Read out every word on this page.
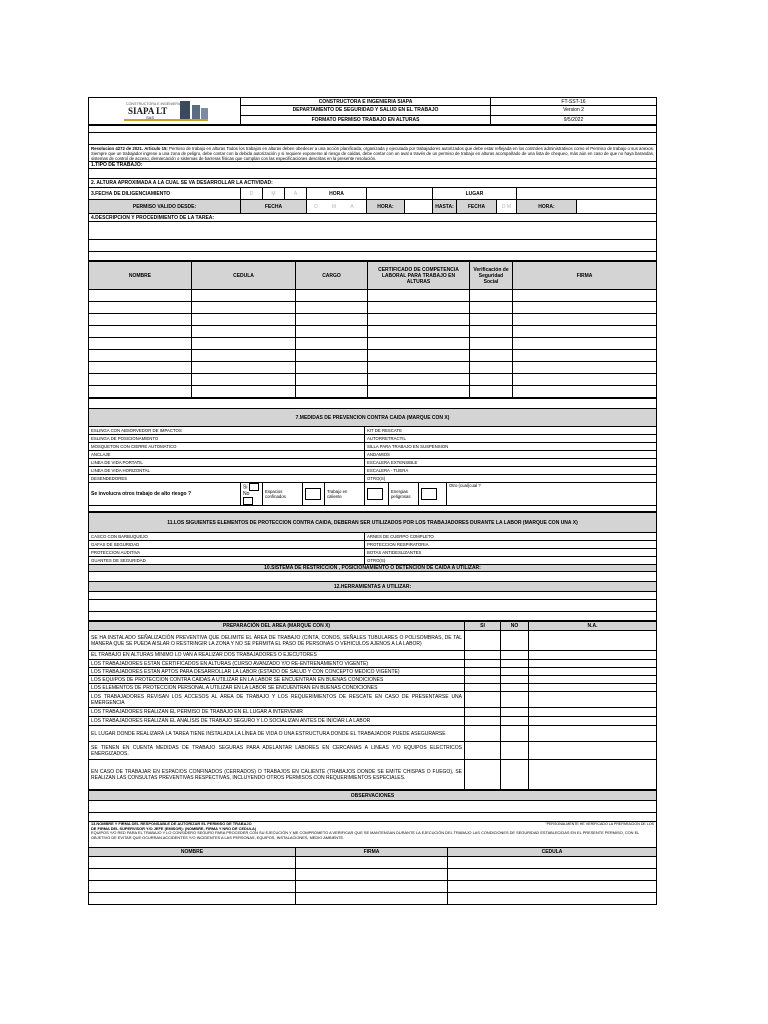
CONSTRUCTORA E INGENIERIA
SIAPA LT
SAS	CONSTRUCTORA E INGENIERIA SIAPA	FT-SST-16
	DEPARTAMENTO DE SEGURIDAD Y SALUD EN EL TRABAJO	Version 2
	FORMATO PERMISO TRABAJO EN ALTURAS	9/5/2022

Resolucion 4272 de 2021. Articulo 15: Permiso de trabajo en alturas Todos los trabajos en alturas deben obedecer a una acción planificada, organizada y ejecutada por trabajadores autorizados que debe estar reflejada en los controles administrativos como el Permiso de trabajo o sus anexos. Siempre que un trabajador ingrese a una zona de peligro, debe contar con la debida autorización y si requiere exponerse al riesgo de caídas, debe contar con un aval a través de un permiso de trabajo en alturas acompañado de una lista de chequeo, más aún en caso de que no haya barandas, sistemas de control de acceso, demarcación o sistemas de barreras físicas que cumplan con las especificaciones descritas en la presente resolución.											
1.TIPO DE TRABAJO:											

2. ALTURA APROXIMADA A LA CUAL SE VA DESARROLLAR LA ACTIVIDAD:											
3.FECHA DE DILIGENCIAMIENTO	D	M	A	HORA			LUGAR				
PERMISO VALIDO DESDE:	FECHA			D M A	HORA:		HASTA:	FECHA	D M	HORA:	
4.DESCRIPCION Y PROCEDIMIENTO DE LA TAREA:											

NOMBRE	CEDULA	CARGO	CERTIFICADO DE COMPETENCIA LABORAL PARA TRABAJO EN ALTURAS	Verificación de Seguridad Social	FIRMA

7.MEDIDAS DE PREVENCION CONTRA CAIDA (MARQUE CON X)								
ESLINGA CON ABSORVEDOR DE IMPACTOS					KIT DE RESCATE			
ESLINGA DE POSICIONAMIENTO					AUTORRETRACTIL			
MOSQUETON CON CIERRE AUTOMATICO					SILLA PARA TRABAJO EN SUSPENSION			
ANCLAJE					ANDAMIOS			
LINEA DE VIDA PORTATIL					ESCALERA EXTENSIBLE			
LINEA DE VIDA HORIZONTAL					ESCALERA - TIJERA			
DESENDEDORES					OTRO(S)			
Se involucra otros trabajo de alto riesgo ?	Si
No	Espacios confinados		Trabajo en caliente		Energias peligrosas		Otro (cual)cual ?

11.LOS SIGUIENTES ELEMENTOS DE PROTECCION CONTRA CAIDA, DEBERAN SER UTILIZADOS POR LOS TRABAJADORES DURANTE LA LABOR (MARQUE CON UNA X)	
CASCO CON BARBUQUEJO	ARNES DE CUERPO COMPLETO
GAFAS DE SEGURIDAD	PROTECCION RESPIRATORIA
PROTECCION AUDITIVA	BOTAS ANTIDESLIZANTES
GUANTES DE SEGURIDAD	OTRO(S)
10.SISTEMA DE RESTRICCION , POSICIONAMIENTO O DETENCION DE CAIDA A UTILIZAR:	

12.HERRAMIENTAS A UTILIZAR:	

PREPARACIÓN DEL AREA (MARQUE CON X)	SI	NO	N.A.
SE HA INSTALADO SEÑALIZACIÓN PREVENTIVA QUE DELIMITE EL ÁREA DE TRABAJO (CINTA, CONOS, SEÑALES TUBULARES O POLISOMBRAS, DE TAL MANERA QUE SE PUEDA AISLAR O RESTRINGIR LA ZONA Y NO SE PERMITA EL PASO DE PERSONAS O VEHICULOS AJENOS A LA LABOR)			
EL TRABAJO EN ALTURAS MINIMO LO VAN A REALIZAR DOS TRABAJADORES O EJECUTORES			
LOS TRABAJADORES ESTAN CERTIFICADOS EN ALTURAS (CURSO AVANZADO Y/O RE-ENTRENAMIENTO VIGENTE)			
LOS TRABAJADORES ESTAN APTOS PARA DESARROLLAR LA LABOR (ESTADO DE SALUD Y CON CONCEPTO MEDICO VIGENTE)			
LOS EQUIPOS DE PROTECCION CONTRA CAIDAS A UTILIZAR EN LA LABOR SE ENCUENTRAN EN BUENAS CONDICIONES			
LOS ELEMENTOS DE PROTECCION PERSONAL A UTILIZAR EN LA LABOR SE ENCUENTRAN EN BUENAS CONDICIONES			
LOS TRABAJADORES REVISAN LOS ACCESOS AL ÁREA DE TRABAJO Y LOS REQUERIMIENTOS DE RESCATE EN CASO DE PRESENTARSE UNA EMERGENCIA			
LOS TRABAJADORES REALIZAN EL PERMISO DE TRABAJO EN EL LUGAR A INTERVENIR			
LOS TRABAJADORES REALIZAN EL ANALISIS DE TRABAJO SEGURO Y LO SOCIALIZAN ANTES DE INICIAR LA LABOR			
EL LUGAR DONDE REALIZARÁ LA TAREA TIENE INSTALADA LA LÍNEA DE VIDA O UNA ESTRUCTURA DONDE EL TRABAJADOR PUEDE ASEGURARSE			
SE TIENEN EN CUENTA MEDIDAS DE TRABAJO SEGURAS PARA ADELANTAR LABORES EN CERCANIAS A LINEAS Y/O EQUIPOS ELECTRICOS ENERGIZADOS.			
EN CASO DE TRABAJAR EN ESPACIOS CONFINADOS (CERRADOS) O TRABAJOS EN CALIENTE (TRABAJOS DONDE SE EMITE CHISPAS O FUEGO), SE REALIZAN LAS CONSULTAS PREVENTIVAS RESPECTIVAS, INCLUYENDO OTROS PERMISOS CON REQUERIMIENTOS ESPECIALES.			
OBSERVACIONES		

13.NOMBRE Y FIRMA DEL RESPONSABLE DE AUTORIZAR EL PERMISO DE TRABAJO "PERSONALMENTE HE VERIFICADO LA PREPARACION DE LOS

DE FIRMA DEL SUPERVISOR Y/O JEFE (EMISOR): (NOMBRE, FIRMA Y NRO DE CEDULA)
EQUIPOS Y/O RED PARA EL TRABAJO Y LO CONSIDERO SEGURO PARA PROCEDER CON SU EJECUCIÓN Y ME COMPROMETO A VERIFICAR QUE SE MANTENGAN DURANTE LA EJECUCIÓN DEL TRABAJO LAS CONDICIONES DE SEGURIDAD ESTABLECIDAS EN EL PRESENTE PERMISO, CON EL OBJETIVO DE EVITAR QUE OCURRAN ACCIDENTES Y/O INCIDENTES A LAS PERSONAS, EQUIPOS, INSTALACIONES, MEDIO AMBIENTE.		
NOMBRE	FIRMA	CEDULA
